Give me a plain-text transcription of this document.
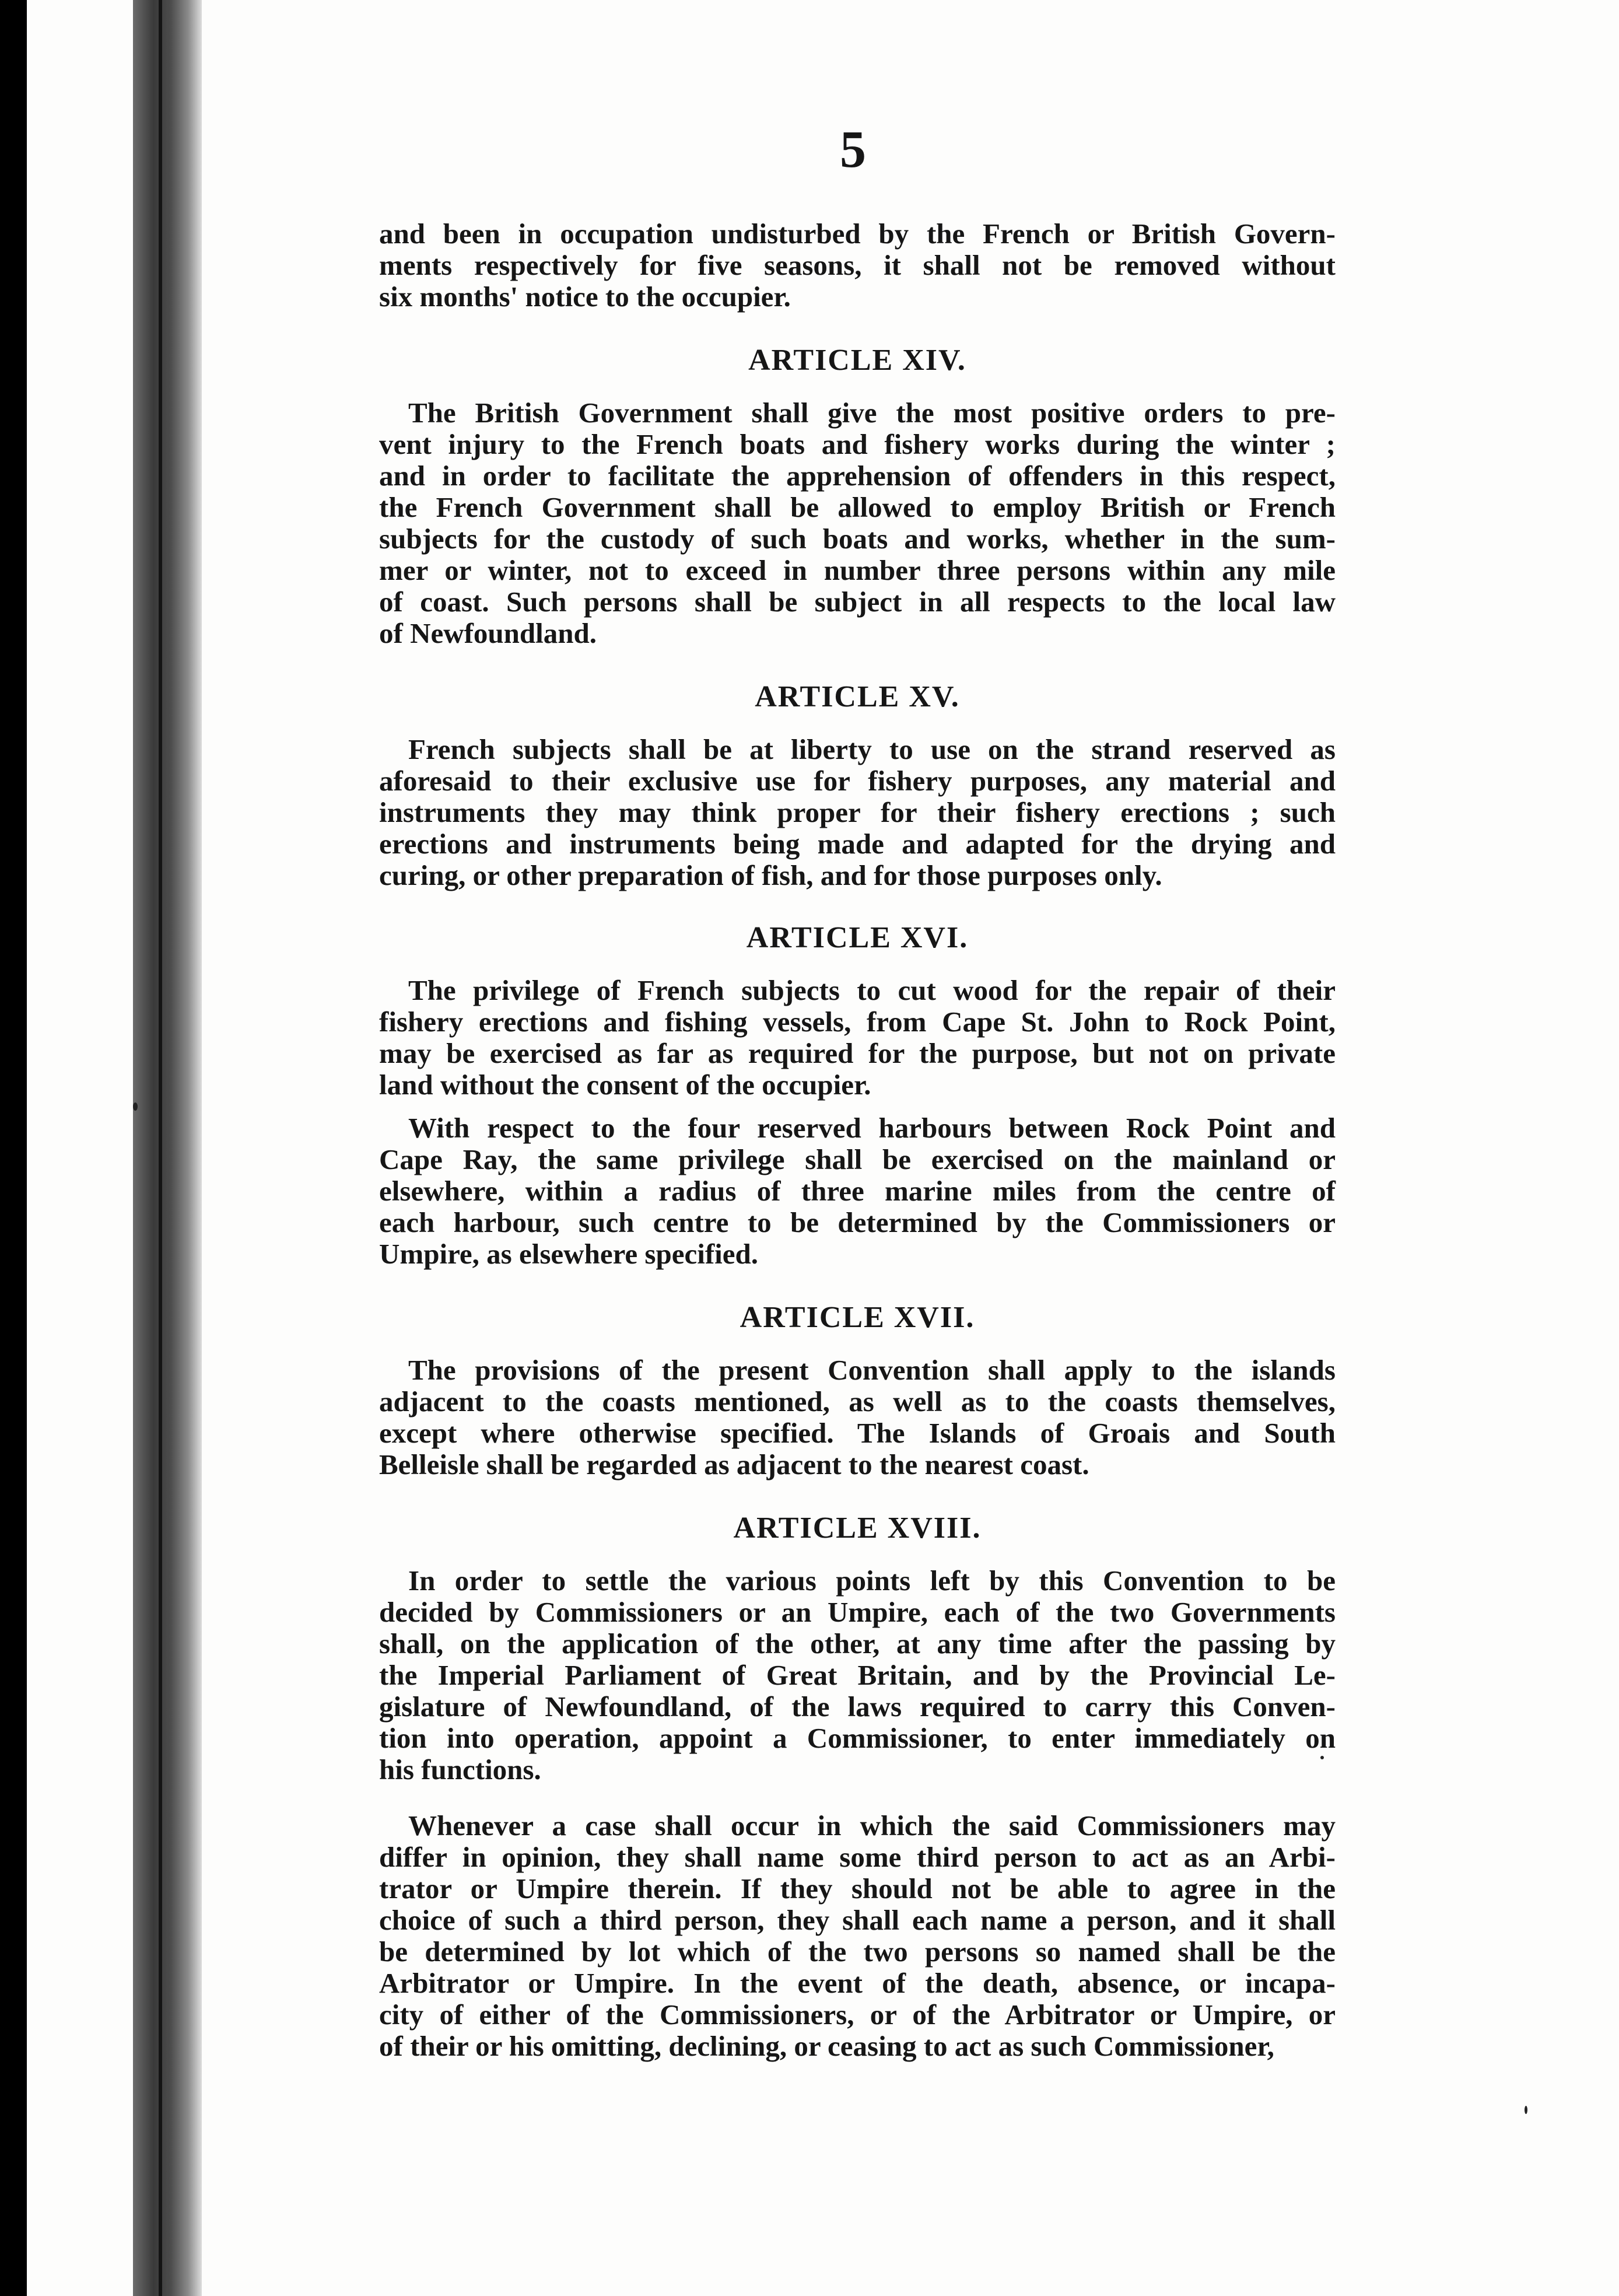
5

and been in occupation undisturbed by the French or British Govern-
ments respectively for five seasons, it shall not be removed without
six months' notice to the occupier.

ARTICLE XIV.

The British Government shall give the most positive orders to pre-
vent injury to the French boats and fishery works during the winter ;
and in order to facilitate the apprehension of offenders in this respect,
the French Government shall be allowed to employ British or French
subjects for the custody of such boats and works, whether in the sum-
mer or winter, not to exceed in number three persons within any mile
of coast. Such persons shall be subject in all respects to the local law
of Newfoundland.

ARTICLE XV.

French subjects shall be at liberty to use on the strand reserved as
aforesaid to their exclusive use for fishery purposes, any material and
instruments they may think proper for their fishery erections ; such
erections and instruments being made and adapted for the drying and
curing, or other preparation of fish, and for those purposes only.

ARTICLE XVI.

The privilege of French subjects to cut wood for the repair of their
fishery erections and fishing vessels, from Cape St. John to Rock Point,
may be exercised as far as required for the purpose, but not on private
land without the consent of the occupier.

With respect to the four reserved harbours between Rock Point and
Cape Ray, the same privilege shall be exercised on the mainland or
elsewhere, within a radius of three marine miles from the centre of
each harbour, such centre to be determined by the Commissioners or
Umpire, as elsewhere specified.

ARTICLE XVII.

The provisions of the present Convention shall apply to the islands
adjacent to the coasts mentioned, as well as to the coasts themselves,
except where otherwise specified. The Islands of Groais and South
Belleisle shall be regarded as adjacent to the nearest coast.

ARTICLE XVIII.

In order to settle the various points left by this Convention to be
decided by Commissioners or an Umpire, each of the two Governments
shall, on the application of the other, at any time after the passing by
the Imperial Parliament of Great Britain, and by the Provincial Le-
gislature of Newfoundland, of the laws required to carry this Conven-
tion into operation, appoint a Commissioner, to enter immediately on
his functions.

Whenever a case shall occur in which the said Commissioners may
differ in opinion, they shall name some third person to act as an Arbi-
trator or Umpire therein. If they should not be able to agree in the
choice of such a third person, they shall each name a person, and it shall
be determined by lot which of the two persons so named shall be the
Arbitrator or Umpire. In the event of the death, absence, or incapa-
city of either of the Commissioners, or of the Arbitrator or Umpire, or
of their or his omitting, declining, or ceasing to act as such Commissioner,
